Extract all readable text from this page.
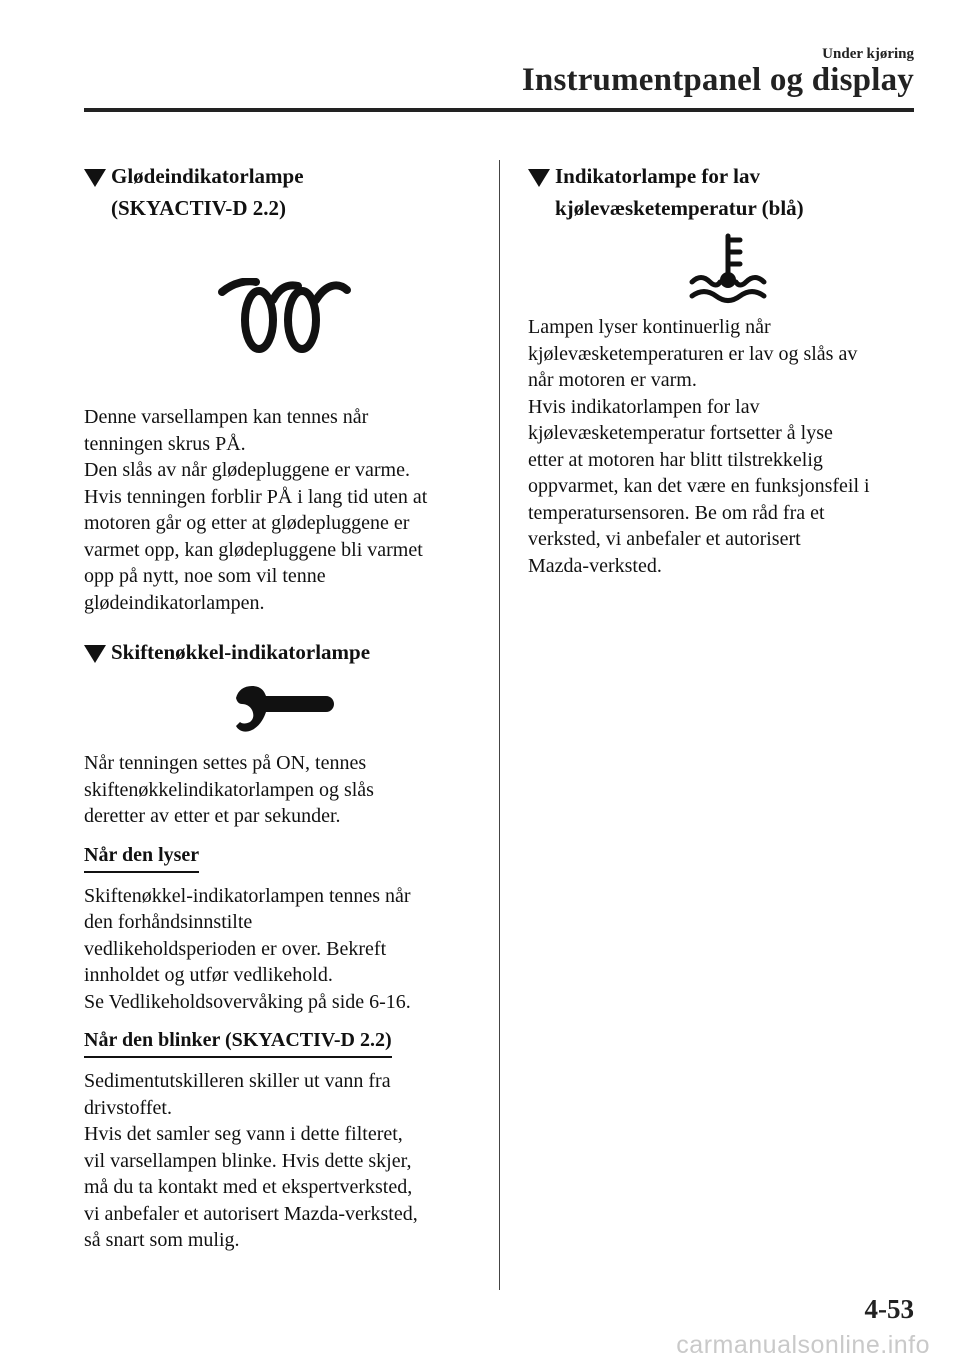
Under kjøring
Instrumentpanel og display
Glødeindikatorlampe
(SKYACTIV-D 2.2)

Denne varsellampen kan tennes når
tenningen skrus PÅ.
Den slås av når glødepluggene er varme.
Hvis tenningen forblir PÅ i lang tid uten at
motoren går og etter at glødepluggene er
varmet opp, kan glødepluggene bli varmet
opp på nytt, noe som vil tenne
glødeindikatorlampen.

Skiftenøkkel-indikatorlampe

Når tenningen settes på ON, tennes
skiftenøkkelindikatorlampen og slås
deretter av etter et par sekunder.

Når den lyser

Skiftenøkkel-indikatorlampen tennes når
den forhåndsinnstilte
vedlikeholdsperioden er over. Bekreft
innholdet og utfør vedlikehold.
Se Vedlikeholdsovervåking på side 6-16.

Når den blinker (SKYACTIV-D 2.2)

Sedimentutskilleren skiller ut vann fra
drivstoffet.
Hvis det samler seg vann i dette filteret,
vil varsellampen blinke. Hvis dette skjer,
må du ta kontakt med et ekspertverksted,
vi anbefaler et autorisert Mazda-verksted,
så snart som mulig.

Indikatorlampe for lav
kjølevæsketemperatur (blå)

Lampen lyser kontinuerlig når
kjølevæsketemperaturen er lav og slås av
når motoren er varm.
Hvis indikatorlampen for lav
kjølevæsketemperatur fortsetter å lyse
etter at motoren har blitt tilstrekkelig
oppvarmet, kan det være en funksjonsfeil i
temperatursensoren. Be om råd fra et
verksted, vi anbefaler et autorisert
Mazda-verksted.

4-53
carmanualsonline.info
